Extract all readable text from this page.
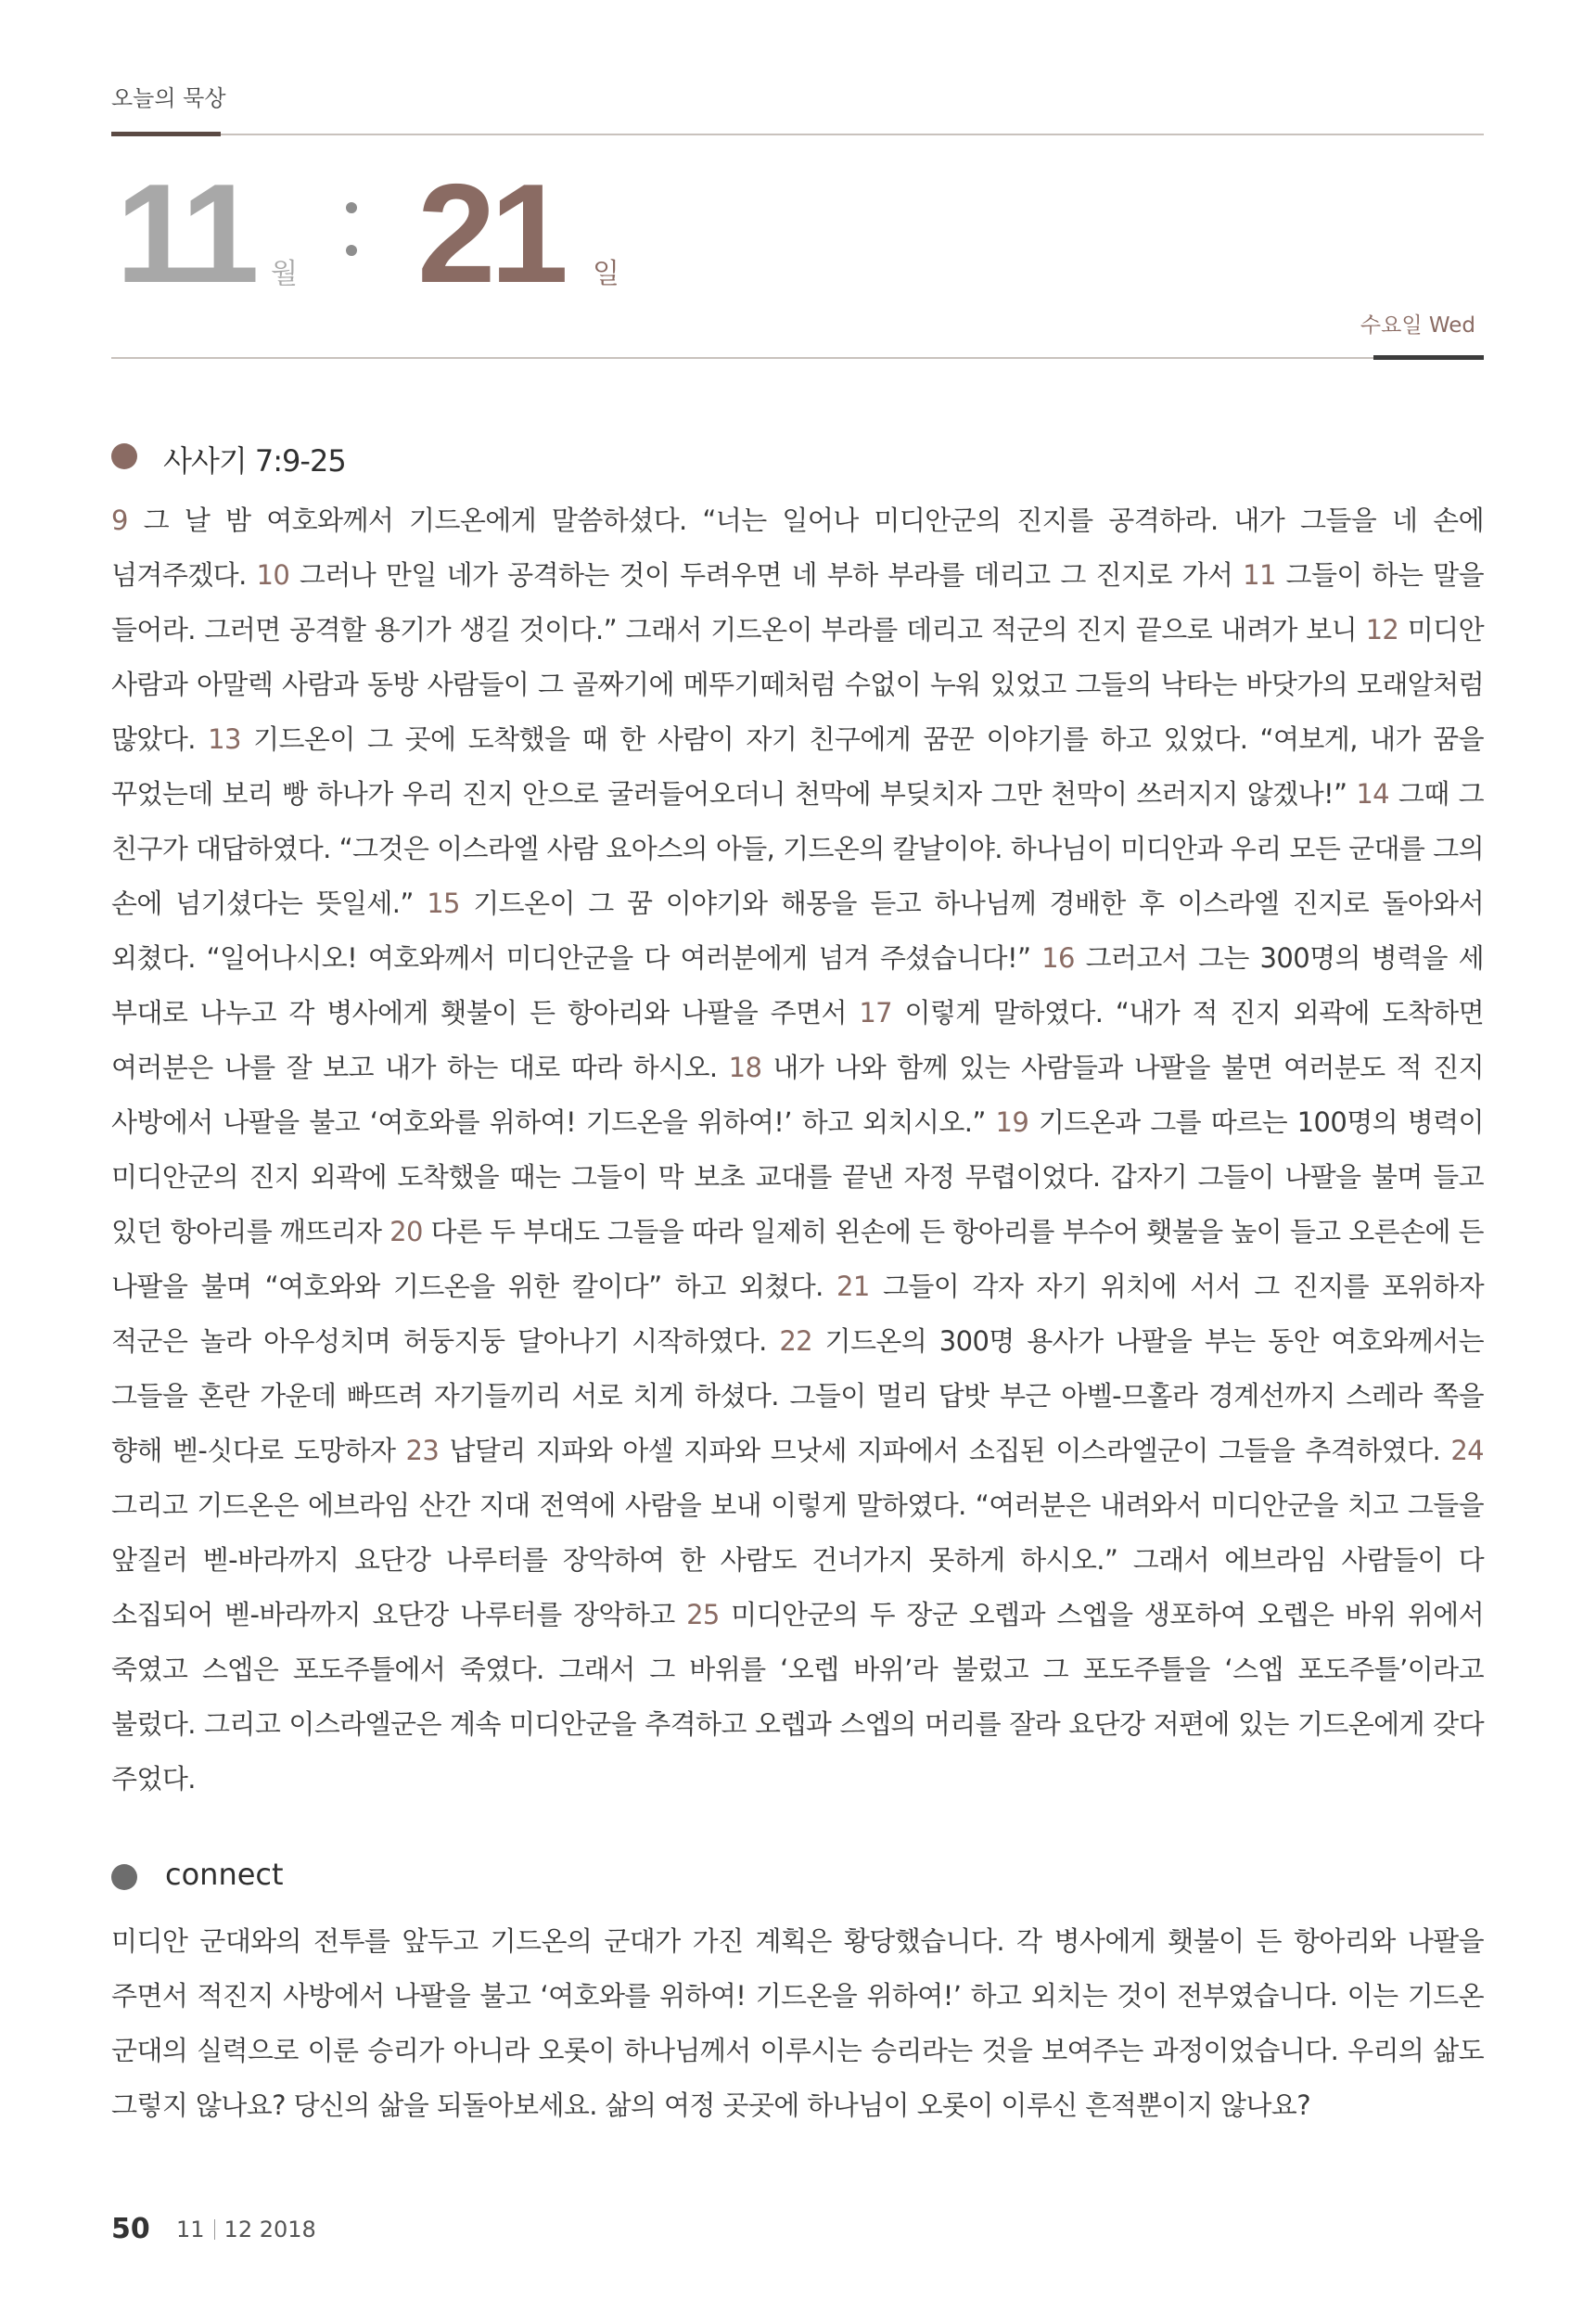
오늘의 묵상
11 월 21 일
수요일 Wed
사사기 7:9-25
9 그 날 밤 여호와께서 기드온에게 말씀하셨다. “너는 일어나 미디안군의 진지를 공격하라. 내가 그들을 네 손에 넘겨주겠다. 10 그러나 만일 네가 공격하는 것이 두려우면 네 부하 부라를 데리고 그 진지로 가서 11 그들이 하는 말을 들어라. 그러면 공격할 용기가 생길 것이다.” 그래서 기드온이 부라를 데리고 적군의 진지 끝으로 내려가 보니 12 미디안 사람과 아말렉 사람과 동방 사람들이 그 골짜기에 메뚜기떼처럼 수없이 누워 있었고 그들의 낙타는 바닷가의 모래알처럼 많았다. 13 기드온이 그 곳에 도착했을 때 한 사람이 자기 친구에게 꿈꾼 이야기를 하고 있었다. “여보게, 내가 꿈을 꾸었는데 보리 빵 하나가 우리 진지 안으로 굴러들어오더니 천막에 부딪치자 그만 천막이 쓰러지지 않겠나!” 14 그때 그 친구가 대답하였다. “그것은 이스라엘 사람 요아스의 아들, 기드온의 칼날이야. 하나님이 미디안과 우리 모든 군대를 그의 손에 넘기셨다는 뜻일세.” 15 기드온이 그 꿈 이야기와 해몽을 듣고 하나님께 경배한 후 이스라엘 진지로 돌아와서 외쳤다. “일어나시오! 여호와께서 미디안군을 다 여러분에게 넘겨 주셨습니다!” 16 그러고서 그는 300명의 병력을 세 부대로 나누고 각 병사에게 횃불이 든 항아리와 나팔을 주면서 17 이렇게 말하였다. “내가 적 진지 외곽에 도착하면 여러분은 나를 잘 보고 내가 하는 대로 따라 하시오. 18 내가 나와 함께 있는 사람들과 나팔을 불면 여러분도 적 진지 사방에서 나팔을 불고 ‘여호와를 위하여! 기드온을 위하여!’ 하고 외치시오.” 19 기드온과 그를 따르는 100명의 병력이 미디안군의 진지 외곽에 도착했을 때는 그들이 막 보초 교대를 끝낸 자정 무렵이었다. 갑자기 그들이 나팔을 불며 들고 있던 항아리를 깨뜨리자 20 다른 두 부대도 그들을 따라 일제히 왼손에 든 항아리를 부수어 횃불을 높이 들고 오른손에 든 나팔을 불며 “여호와와 기드온을 위한 칼이다” 하고 외쳤다. 21 그들이 각자 자기 위치에 서서 그 진지를 포위하자 적군은 놀라 아우성치며 허둥지둥 달아나기 시작하였다. 22 기드온의 300명 용사가 나팔을 부는 동안 여호와께서는 그들을 혼란 가운데 빠뜨려 자기들끼리 서로 치게 하셨다. 그들이 멀리 답밧 부근 아벨-므홀라 경계선까지 스레라 쪽을 향해 벧-싯다로 도망하자 23 납달리 지파와 아셀 지파와 므낫세 지파에서 소집된 이스라엘군이 그들을 추격하였다. 24 그리고 기드온은 에브라임 산간 지대 전역에 사람을 보내 이렇게 말하였다. “여러분은 내려와서 미디안군을 치고 그들을 앞질러 벧-바라까지 요단강 나루터를 장악하여 한 사람도 건너가지 못하게 하시오.” 그래서 에브라임 사람들이 다 소집되어 벧-바라까지 요단강 나루터를 장악하고 25 미디안군의 두 장군 오렙과 스엡을 생포하여 오렙은 바위 위에서 죽였고 스엡은 포도주틀에서 죽였다. 그래서 그 바위를 ‘오렙 바위’라 불렀고 그 포도주틀을 ‘스엡 포도주틀’이라고 불렀다. 그리고 이스라엘군은 계속 미디안군을 추격하고 오렙과 스엡의 머리를 잘라 요단강 저편에 있는 기드온에게 갖다 주었다.
connect
미디안 군대와의 전투를 앞두고 기드온의 군대가 가진 계획은 황당했습니다. 각 병사에게 횃불이 든 항아리와 나팔을 주면서 적진지 사방에서 나팔을 불고 ‘여호와를 위하여! 기드온을 위하여!’ 하고 외치는 것이 전부였습니다. 이는 기드온 군대의 실력으로 이룬 승리가 아니라 오롯이 하나님께서 이루시는 승리라는 것을 보여주는 과정이었습니다. 우리의 삶도 그렇지 않나요? 당신의 삶을 되돌아보세요. 삶의 여정 곳곳에 하나님이 오롯이 이루신 흔적뿐이지 않나요?
50 11 12 2018
